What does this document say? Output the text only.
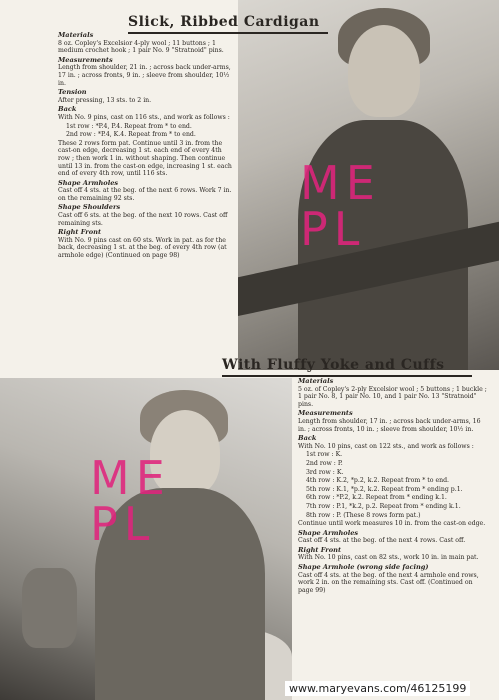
Slick, Ribbed Cardigan
With Fluffy Yoke and Cuffs
Materials
8 oz. Copley's Excelsior 4-ply wool ; 11 buttons ; 1 medium crochet hook ; 1 pair No. 9 "Stratnoid" pins.
Measurements
Length from shoulder, 21 in. ; across back under-arms, 17 in. ; across fronts, 9 in. ; sleeve from shoulder, 10½ in.
Tension
After pressing, 13 sts. to 2 in.
Back
With No. 9 pins, cast on 116 sts., and work as follows :
1st row : *P.4, P.4. Repeat from * to end.
2nd row : *P.4, K.4. Repeat from * to end.
These 2 rows form pat. Continue until 3 in. from the cast-on edge, decreasing 1 st. each end of every 4th row ; then work 1 in. without shaping. Then continue until 13 in. from the cast-on edge, increasing 1 st. each end of every 4th row, until 116 sts.
Shape Armholes
Cast off 4 sts. at the beg. of the next 6 rows. Work 7 in. on the remaining 92 sts.
Shape Shoulders
Cast off 6 sts. at the beg. of the next 10 rows. Cast off remaining sts.
Right Front
With No. 9 pins cast on 60 sts. Work in pat. as for the back, decreasing 1 st. at the beg. of every 4th row (at armhole edge) (Continued on page 98)
Materials
5 oz. of Copley's 2-ply Excelsior wool ; 5 buttons ; 1 buckle ; 1 pair No. 8, 1 pair No. 10, and 1 pair No. 13 "Stratnoid" pins.
Measurements
Length from shoulder, 17 in. ; across back under-arms, 16 in. ; across fronts, 10 in. ; sleeve from shoulder, 10½ in.
Back
With No. 10 pins, cast on 122 sts., and work as follows :
1st row : K.
2nd row : P.
3rd row : K.
4th row : K.2, *p.2, k.2. Repeat from * to end.
5th row : K.1, *p.2, k.2. Repeat from * ending p.1.
6th row : *P.2, k.2. Repeat from * ending k.1.
7th row : P.1, *k.2, p.2. Repeat from * ending k.1.
8th row : P. (These 8 rows form pat.)
Continue until work measures 10 in. from the cast-on edge.
Shape Armholes
Cast off 4 sts. at the beg. of the next 4 rows. Cast off.
Right Front
With No. 10 pins, cast on 82 sts., work 10 in. in main pat.
Shape Armhole (wrong side facing)
Cast off 4 sts. at the beg. of the next 4 armhole end rows, work 2 in. on the remaining sts. Cast off. (Continued on page 99)
ME
PL
ME
PL
www.maryevans.com/46125199
